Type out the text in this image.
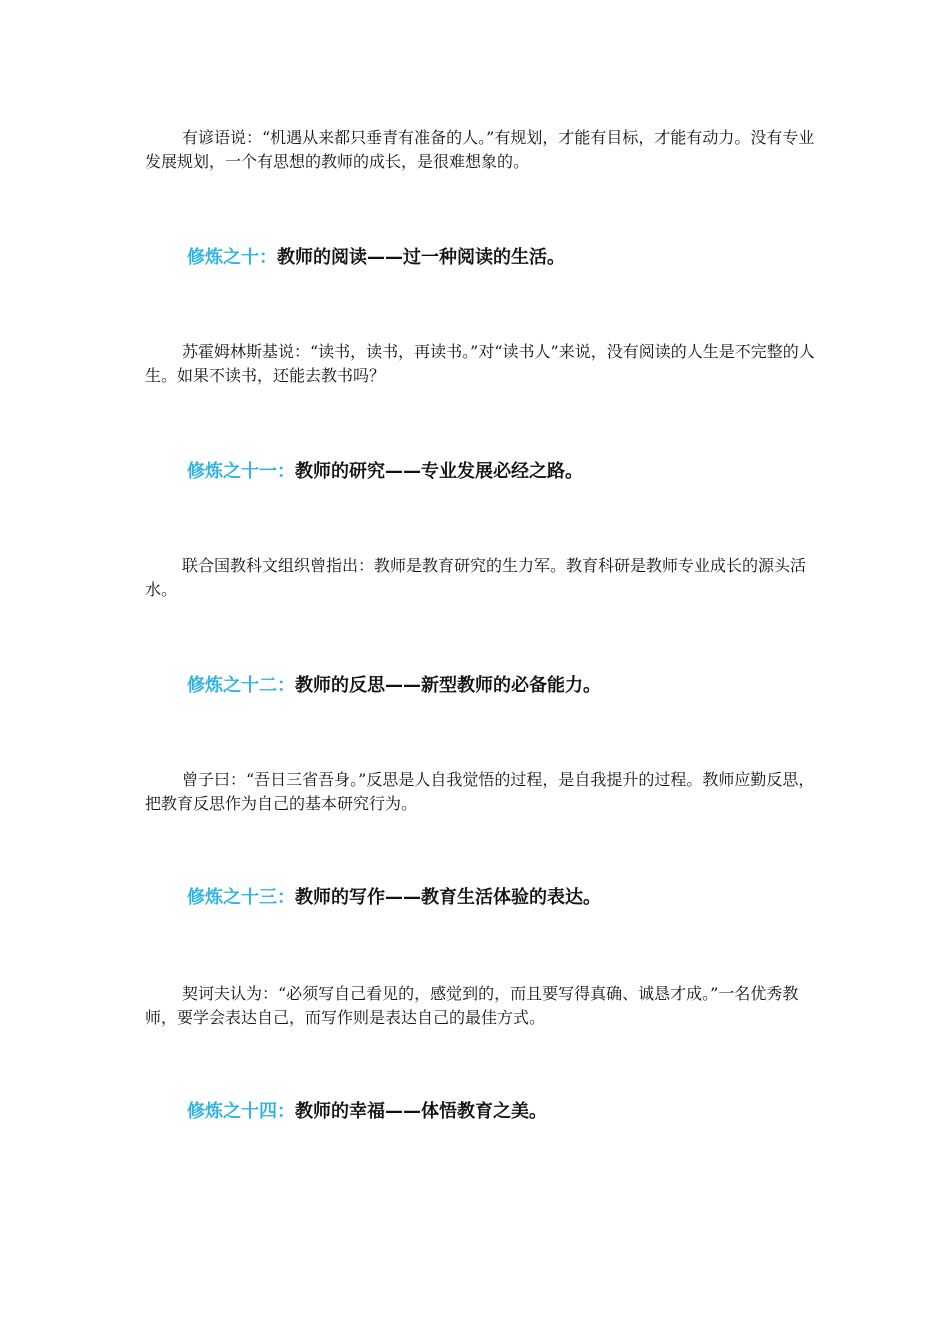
有谚语说：“机遇从来都只垂青有准备的人。”有规划，才能有目标，才能有动力。没有专业发展规划，一个有思想的教师的成长，是很难想象的。

修炼之十：教师的阅读——过一种阅读的生活。

苏霍姆林斯基说：“读书，读书，再读书。”对“读书人”来说，没有阅读的人生是不完整的人生。如果不读书，还能去教书吗？

修炼之十一：教师的研究——专业发展必经之路。

联合国教科文组织曾指出：教师是教育研究的生力军。教育科研是教师专业成长的源头活水。

修炼之十二：教师的反思——新型教师的必备能力。

曾子曰：“吾日三省吾身。”反思是人自我觉悟的过程，是自我提升的过程。教师应勤反思，把教育反思作为自己的基本研究行为。

修炼之十三：教师的写作——教育生活体验的表达。

契诃夫认为：“必须写自己看见的，感觉到的，而且要写得真确、诚恳才成。”一名优秀教师，要学会表达自己，而写作则是表达自己的最佳方式。

修炼之十四：教师的幸福——体悟教育之美。
